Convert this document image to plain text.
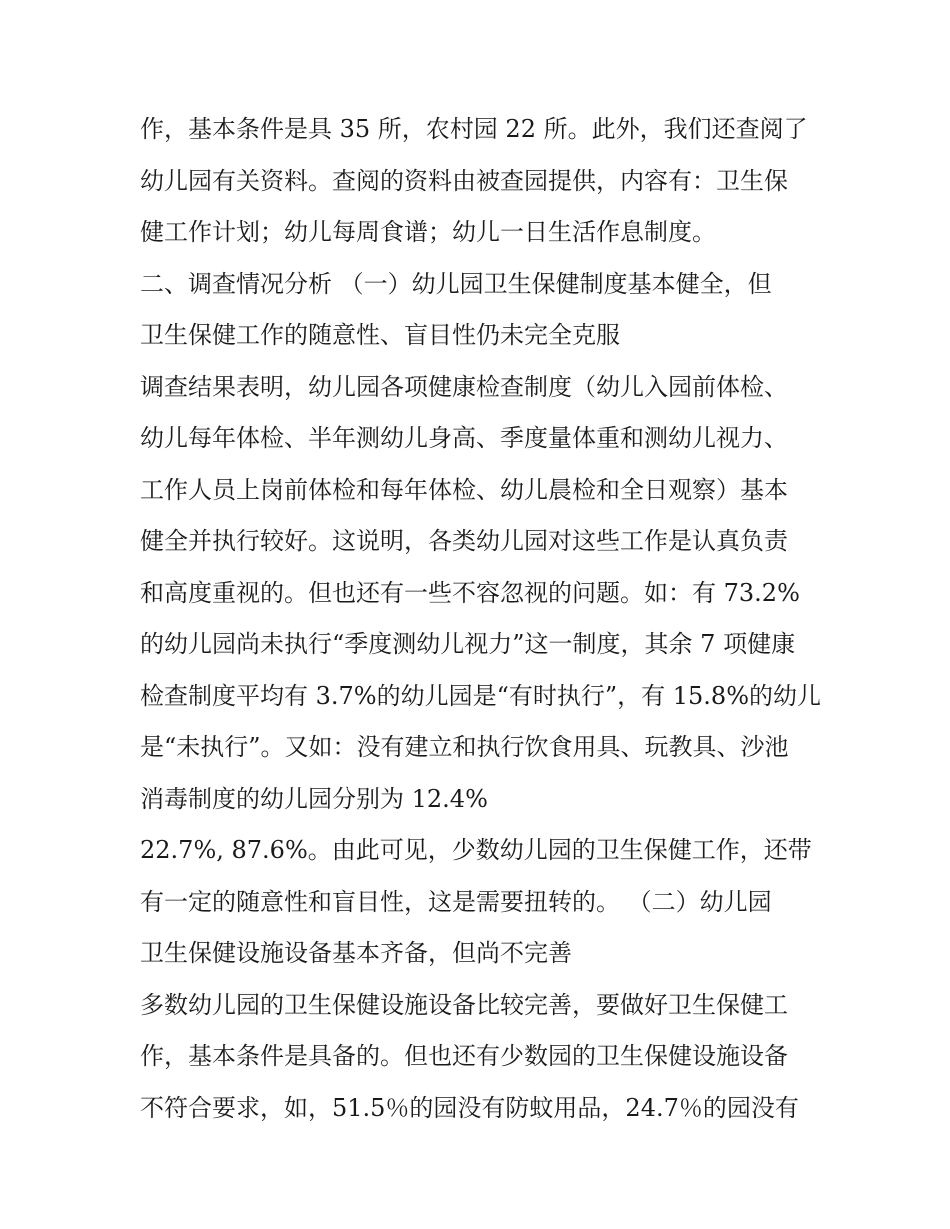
作，基本条件是具 35 所，农村园 22 所。此外，我们还查阅了
幼儿园有关资料。查阅的资料由被查园提供，内容有：卫生保
健工作计划；幼儿每周食谱；幼儿一日生活作息制度。
二、调查情况分析 （一）幼儿园卫生保健制度基本健全，但
卫生保健工作的随意性、盲目性仍未完全克服
调查结果表明，幼儿园各项健康检查制度（幼儿入园前体检、
幼儿每年体检、半年测幼儿身高、季度量体重和测幼儿视力、
工作人员上岗前体检和每年体检、幼儿晨检和全日观察）基本
健全并执行较好。这说明，各类幼儿园对这些工作是认真负责
和高度重视的。但也还有一些不容忽视的问题。如：有 73.2%
的幼儿园尚未执行“季度测幼儿视力”这一制度，其余 7 项健康
检查制度平均有 3.7%的幼儿园是“有时执行”，有 15.8%的幼儿
是“未执行”。又如：没有建立和执行饮食用具、玩教具、沙池
消毒制度的幼儿园分别为 12.4%
22.7%, 87.6%。由此可见，少数幼儿园的卫生保健工作，还带
有一定的随意性和盲目性，这是需要扭转的。 （二）幼儿园
卫生保健设施设备基本齐备，但尚不完善
多数幼儿园的卫生保健设施设备比较完善，要做好卫生保健工
作，基本条件是具备的。但也还有少数园的卫生保健设施设备
不符合要求，如，51.5％的园没有防蚊用品，24.7％的园没有
